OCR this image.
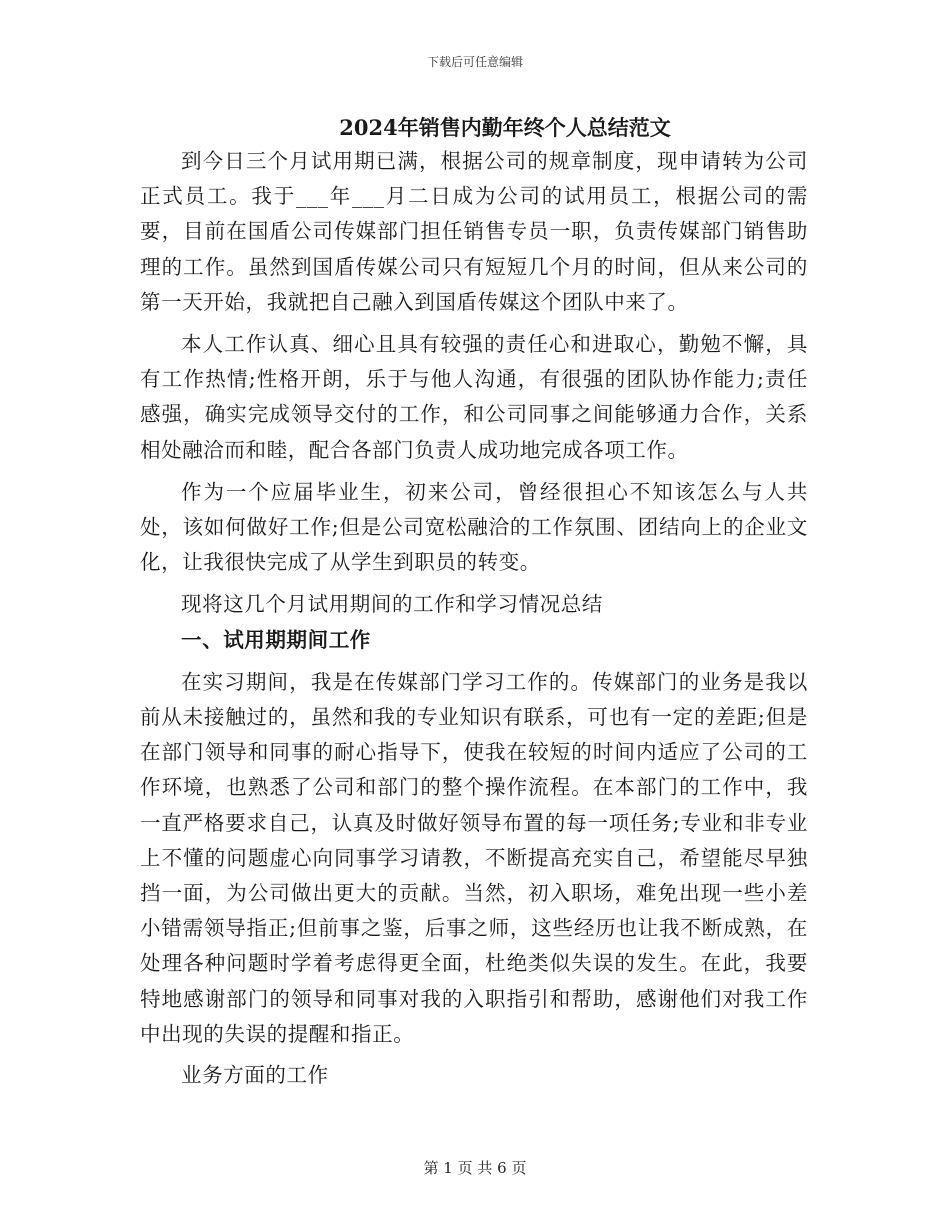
下载后可任意编辑
2024年销售内勤年终个人总结范文

到今日三个月试用期已满，根据公司的规章制度，现申请转为公司正式员工。我于___年___月二日成为公司的试用员工，根据公司的需要，目前在国盾公司传媒部门担任销售专员一职，负责传媒部门销售助理的工作。虽然到国盾传媒公司只有短短几个月的时间，但从来公司的第一天开始，我就把自己融入到国盾传媒这个团队中来了。

本人工作认真、细心且具有较强的责任心和进取心，勤勉不懈，具有工作热情;性格开朗，乐于与他人沟通，有很强的团队协作能力;责任感强，确实完成领导交付的工作，和公司同事之间能够通力合作，关系相处融洽而和睦，配合各部门负责人成功地完成各项工作。

作为一个应届毕业生，初来公司，曾经很担心不知该怎么与人共处，该如何做好工作;但是公司宽松融洽的工作氛围、团结向上的企业文化，让我很快完成了从学生到职员的转变。

现将这几个月试用期间的工作和学习情况总结

一、试用期期间工作

在实习期间，我是在传媒部门学习工作的。传媒部门的业务是我以前从未接触过的，虽然和我的专业知识有联系，可也有一定的差距;但是在部门领导和同事的耐心指导下，使我在较短的时间内适应了公司的工作环境，也熟悉了公司和部门的整个操作流程。在本部门的工作中，我一直严格要求自己，认真及时做好领导布置的每一项任务;专业和非专业上不懂的问题虚心向同事学习请教，不断提高充实自己，希望能尽早独挡一面，为公司做出更大的贡献。当然，初入职场，难免出现一些小差小错需领导指正;但前事之鉴，后事之师，这些经历也让我不断成熟，在处理各种问题时学着考虑得更全面，杜绝类似失误的发生。在此，我要特地感谢部门的领导和同事对我的入职指引和帮助，感谢他们对我工作中出现的失误的提醒和指正。

业务方面的工作
第 1 页 共 6 页
